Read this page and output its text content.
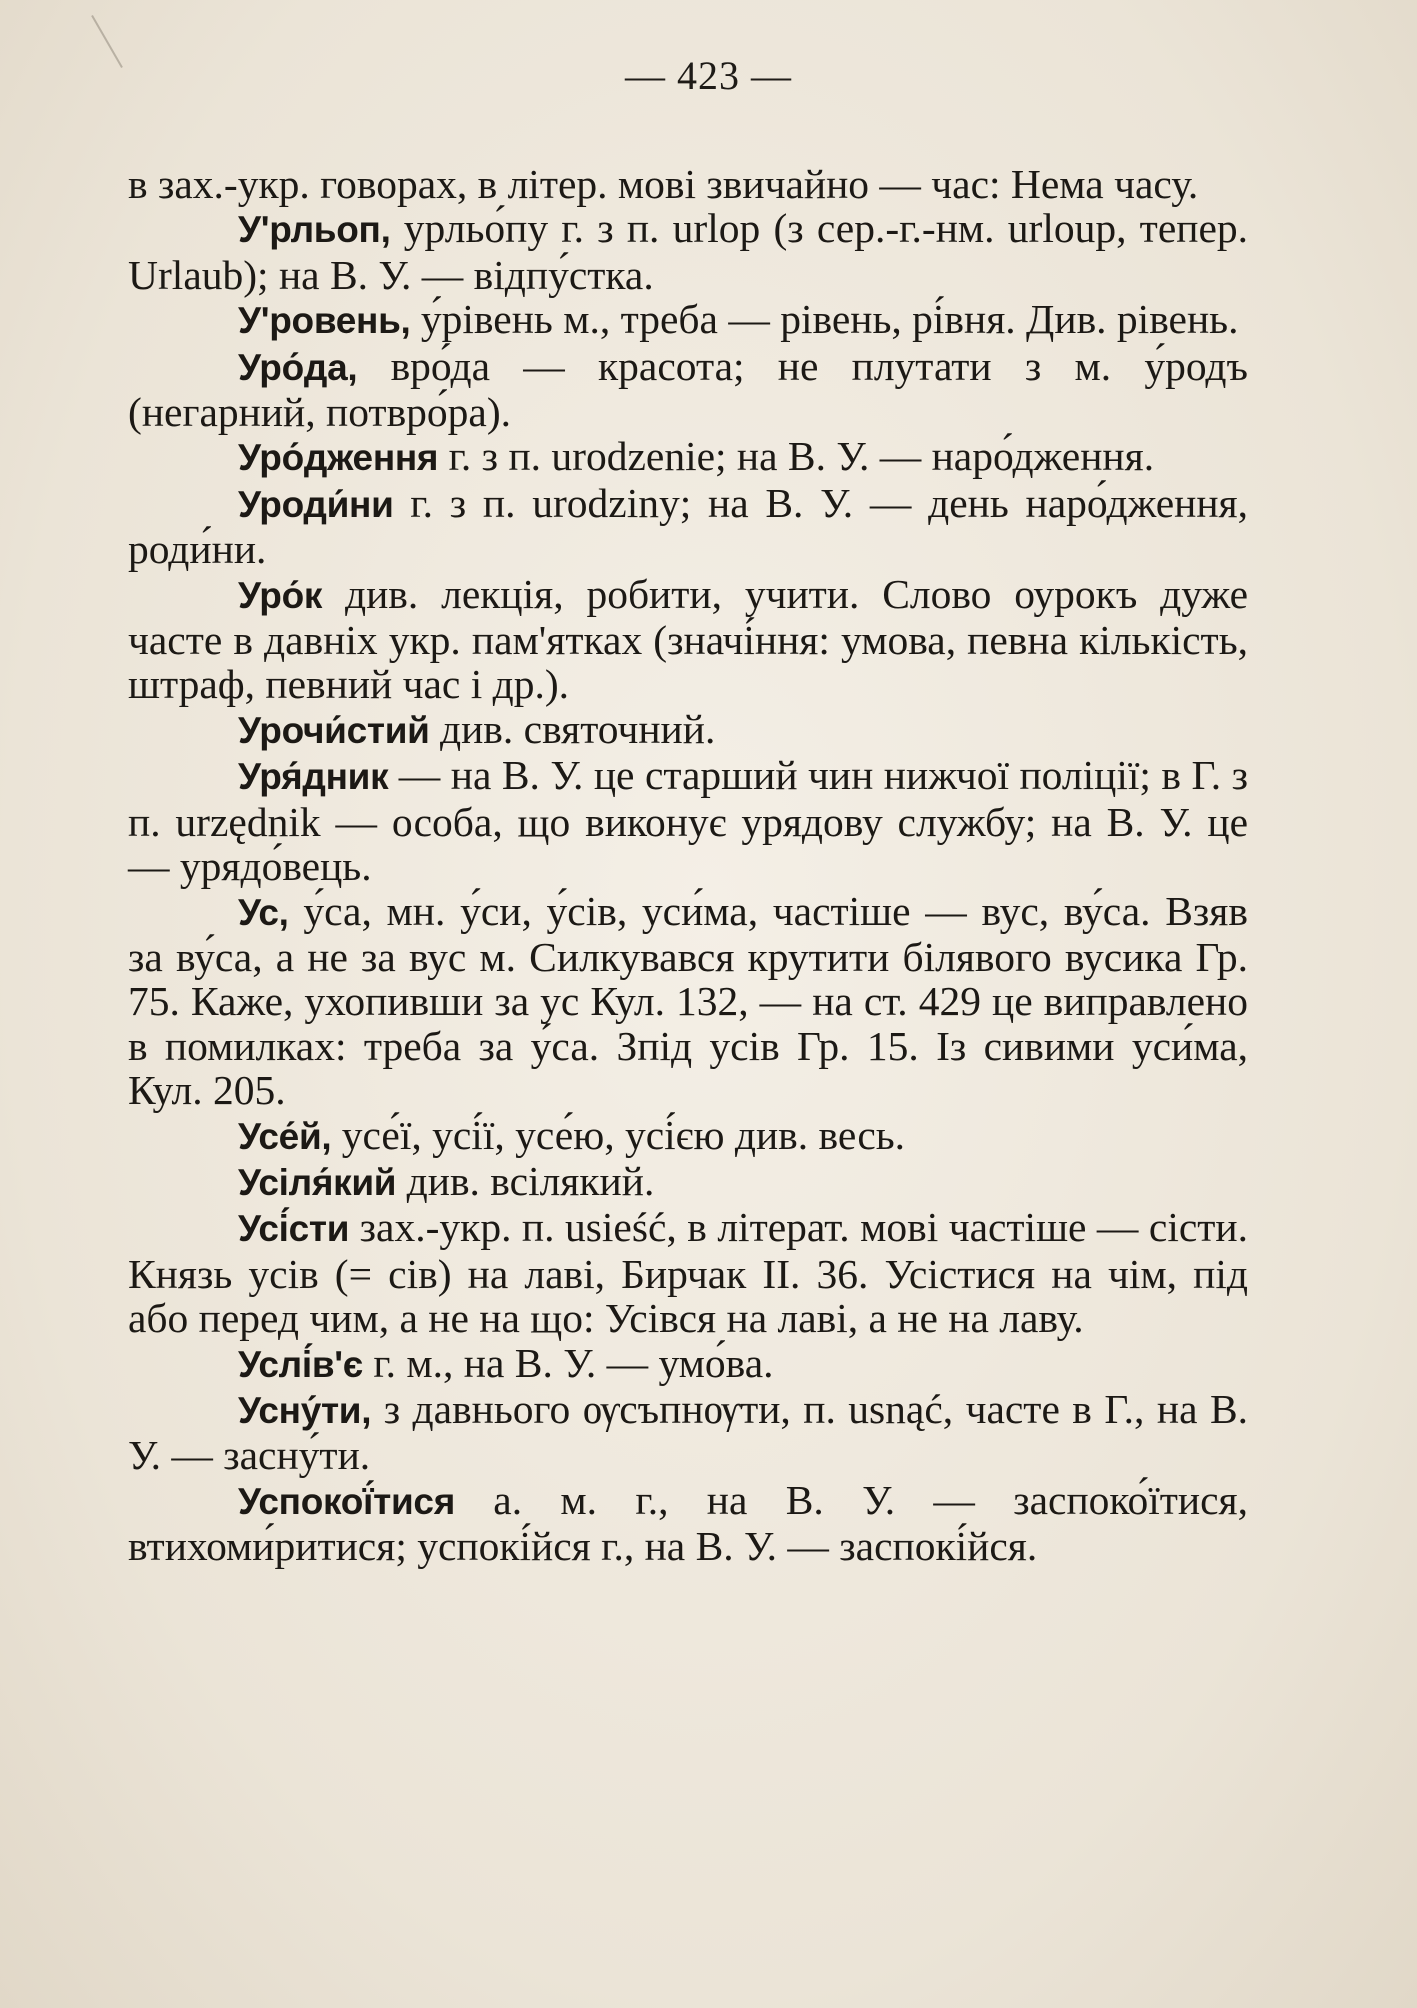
— 423 —

в зах.-укр. говорах, в літер. мові звичайно — час: Нема часу.

У'рльоп, урльо́пу г. з п. urlop (з сер.-г.-нм. urloup, тепер. Urlaub); на В. У. — відпу́стка.

У'ровень, у́рівень м., треба — рівень, рі́вня. Див. рівень.

Уро́да, вро́да — красота; не плутати з м. у́родъ (негарний, потвро́ра).

Уро́дження г. з п. urodzenie; на В. У. — наро́дження.

Уроди́ни г. з п. urodziny; на В. У. — день наро́дження, роди́ни.

Уро́к див. лекція, робити, учити. Слово оурокъ дуже часте в давніх укр. пам'ятках (значі́ння: умова, певна кількість, штраф, певний час і др.).

Урочи́стий див. святочний.

Уря́дник — на В. У. це старший чин нижчої поліції; в Г. з п. urzędnik — особа, що виконує урядову службу; на В. У. це — урядо́вець.

Ус, у́са, мн. у́си, у́сів, уси́ма, частіше — вус, ву́са. Взяв за ву́са, а не за вус м. Силкувався крутити білявого вусика Гр. 75. Каже, ухопивши за ус Кул. 132, — на ст. 429 це виправлено в помилках: треба за у́са. Зпід усів Гр. 15. Із сивими уси́ма, Кул. 205.

Усе́й, усе́ї, усі́ї, усе́ю, усі́єю див. весь.

Усіля́кий див. всілякий.

Усі́сти зах.-укр. п. usieść, в літерат. мові частіше — сісти. Князь усів (= сів) на лаві, Бирчак II. 36. Усістися на чім, під або перед чим, а не на що: Усівся на лаві, а не на лаву.

Услі́в'є г. м., на В. У. — умо́ва.

Усну́ти, з давнього ѹсъпнѹти, п. usnąć, часте в Г., на В. У. — засну́ти.

Успокої́тися а. м. г., на В. У. — заспоко́їтися, втихоми́ритися; успокі́йся г., на В. У. — заспокі́йся.
